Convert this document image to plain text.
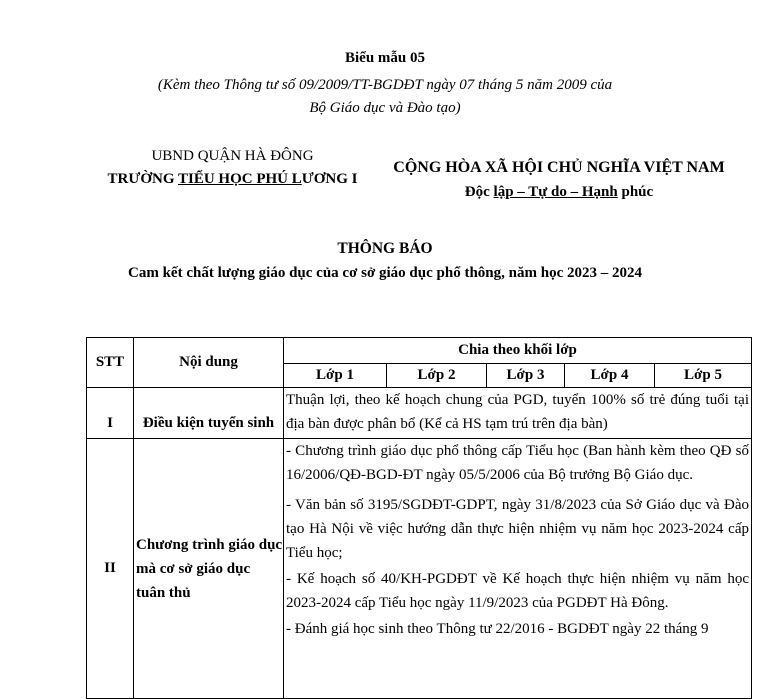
Biểu mẫu 05
(Kèm theo Thông tư số 09/2009/TT-BGDĐT ngày 07 tháng 5 năm 2009 của
Bộ Giáo dục và Đào tạo)
UBND QUẬN HÀ ĐÔNG
TRƯỜNG TIỂU HỌC PHÚ LƯƠNG I
CỘNG HÒA XÃ HỘI CHỦ NGHĨA VIỆT NAM
Độc lập – Tự do – Hạnh phúc
THÔNG BÁO
Cam kết chất lượng giáo dục của cơ sở giáo dục phổ thông, năm học 2023 – 2024
STT	Nội dung	Chia theo khối lớp				
		Lớp 1	Lớp 2	Lớp 3	Lớp 4	Lớp 5
I	Điều kiện tuyển sinh	Thuận lợi, theo kế hoạch chung của PGD, tuyển 100% số trẻ đúng tuổi tại địa bàn được phân bổ (Kể cả HS tạm trú trên địa bàn)				

II	Chương trình giáo dục mà cơ sở giáo dục tuân thủ	- Chương trình giáo dục phổ thông cấp Tiểu học (Ban hành kèm theo QĐ số 16/2006/QĐ-BGD-ĐT ngày 05/5/2006 của Bộ trưởng Bộ Giáo dục.

- Văn bản số 3195/SGDĐT-GDPT, ngày 31/8/2023 của Sở Giáo dục và Đào tạo Hà Nội về việc hướng dẫn thực hiện nhiệm vụ năm học 2023-2024 cấp Tiểu học;

- Kế hoạch số 40/KH-PGDĐT về Kế hoạch thực hiện nhiệm vụ năm học 2023-2024 cấp Tiểu học ngày 11/9/2023 của PGDĐT Hà Đông.

- Đánh giá học sinh theo Thông tư 22/2016 - BGDĐT ngày 22 tháng 9				
